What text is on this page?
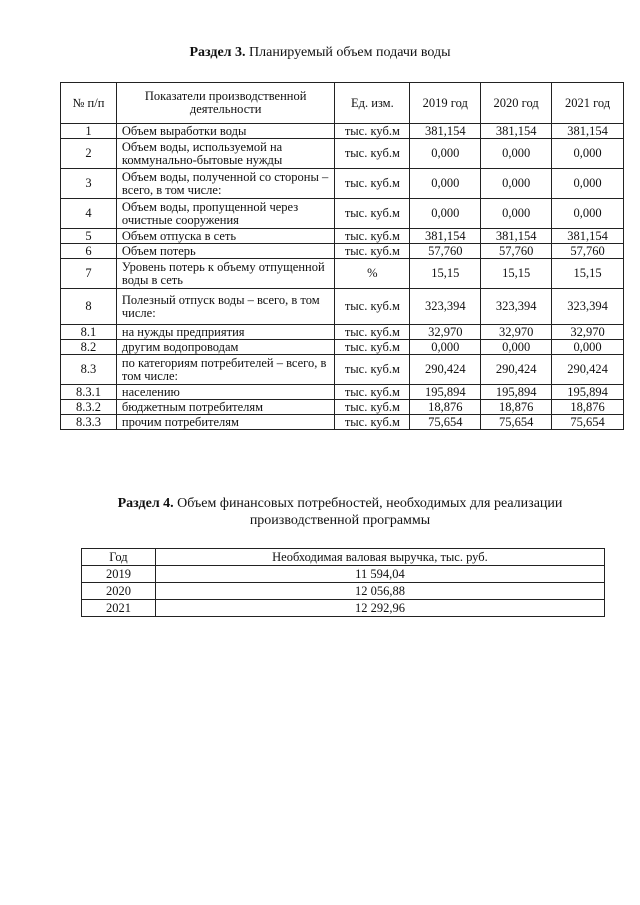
Раздел 3. Планируемый объем подачи воды
№ п/п	Показатели производственной деятельности	Ед. изм.	2019 год	2020 год	2021 год
1	Объем выработки воды	тыс. куб.м	381,154	381,154	381,154
2	Объем воды, используемой на коммунально-бытовые нужды	тыс. куб.м	0,000	0,000	0,000
3	Объем воды, полученной со стороны – всего, в том числе:	тыс. куб.м	0,000	0,000	0,000
4	Объем воды, пропущенной через очистные сооружения	тыс. куб.м	0,000	0,000	0,000
5	Объем отпуска в сеть	тыс. куб.м	381,154	381,154	381,154
6	Объем потерь	тыс. куб.м	57,760	57,760	57,760
7	Уровень потерь к объему отпущенной воды в сеть	%	15,15	15,15	15,15
8	Полезный отпуск воды – всего, в том числе:	тыс. куб.м	323,394	323,394	323,394
8.1	на нужды предприятия	тыс. куб.м	32,970	32,970	32,970
8.2	другим водопроводам	тыс. куб.м	0,000	0,000	0,000
8.3	по категориям потребителей – всего, в том числе:	тыс. куб.м	290,424	290,424	290,424
8.3.1	населению	тыс. куб.м	195,894	195,894	195,894
8.3.2	бюджетным потребителям	тыс. куб.м	18,876	18,876	18,876
8.3.3	прочим потребителям	тыс. куб.м	75,654	75,654	75,654
Раздел 4. Объем финансовых потребностей, необходимых для реализации производственной программы
Год	Необходимая валовая выручка, тыс. руб.
2019	11 594,04
2020	12 056,88
2021	12 292,96
